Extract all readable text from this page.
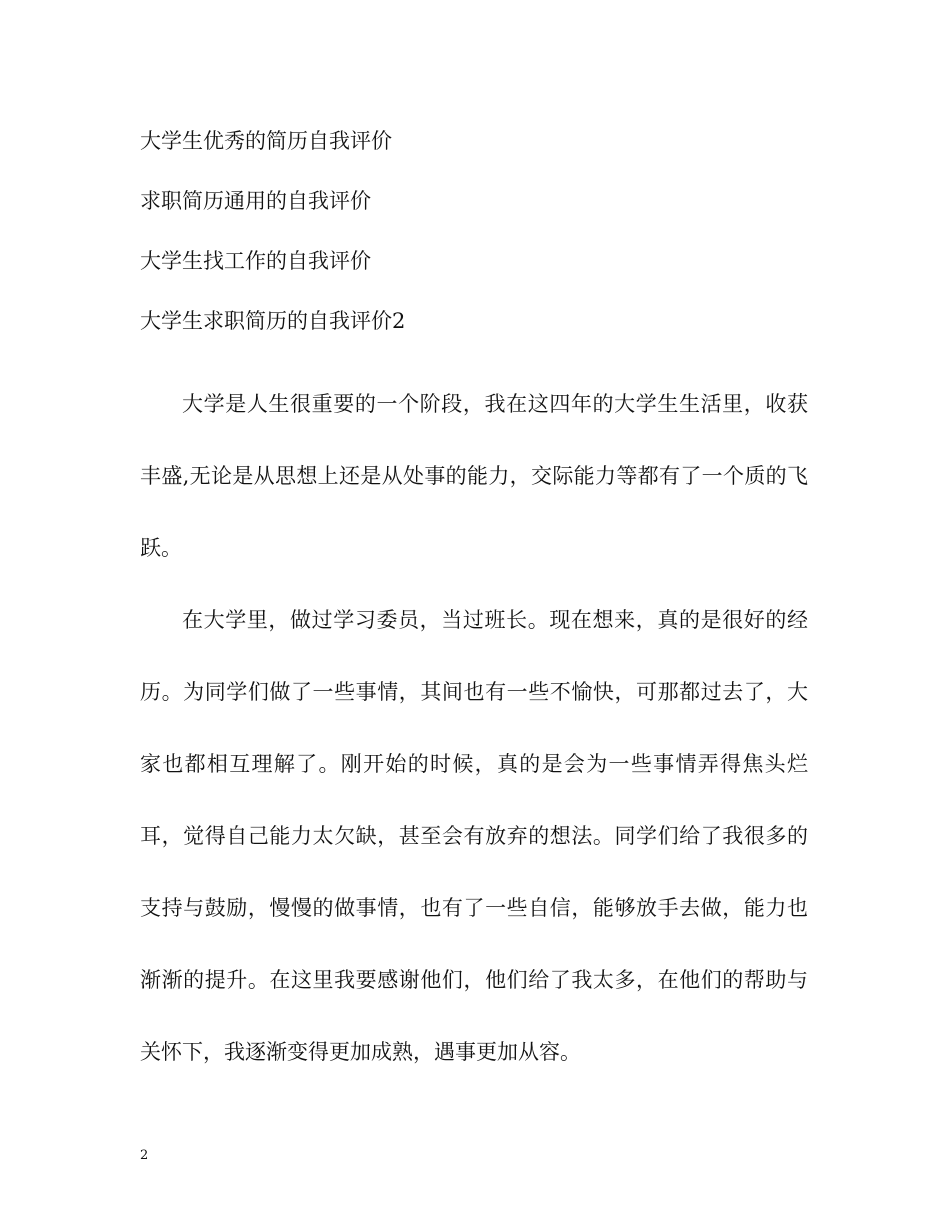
大学生优秀的简历自我评价
求职简历通用的自我评价
大学生找工作的自我评价
大学生求职简历的自我评价2

大学是人生很重要的一个阶段，我在这四年的大学生生活里，收获丰盛,无论是从思想上还是从处事的能力，交际能力等都有了一个质的飞跃。

在大学里，做过学习委员，当过班长。现在想来，真的是很好的经历。为同学们做了一些事情，其间也有一些不愉快，可那都过去了，大家也都相互理解了。刚开始的时候，真的是会为一些事情弄得焦头烂耳，觉得自己能力太欠缺，甚至会有放弃的想法。同学们给了我很多的支持与鼓励，慢慢的做事情，也有了一些自信，能够放手去做，能力也渐渐的提升。在这里我要感谢他们，他们给了我太多，在他们的帮助与关怀下，我逐渐变得更加成熟，遇事更加从容。

2
